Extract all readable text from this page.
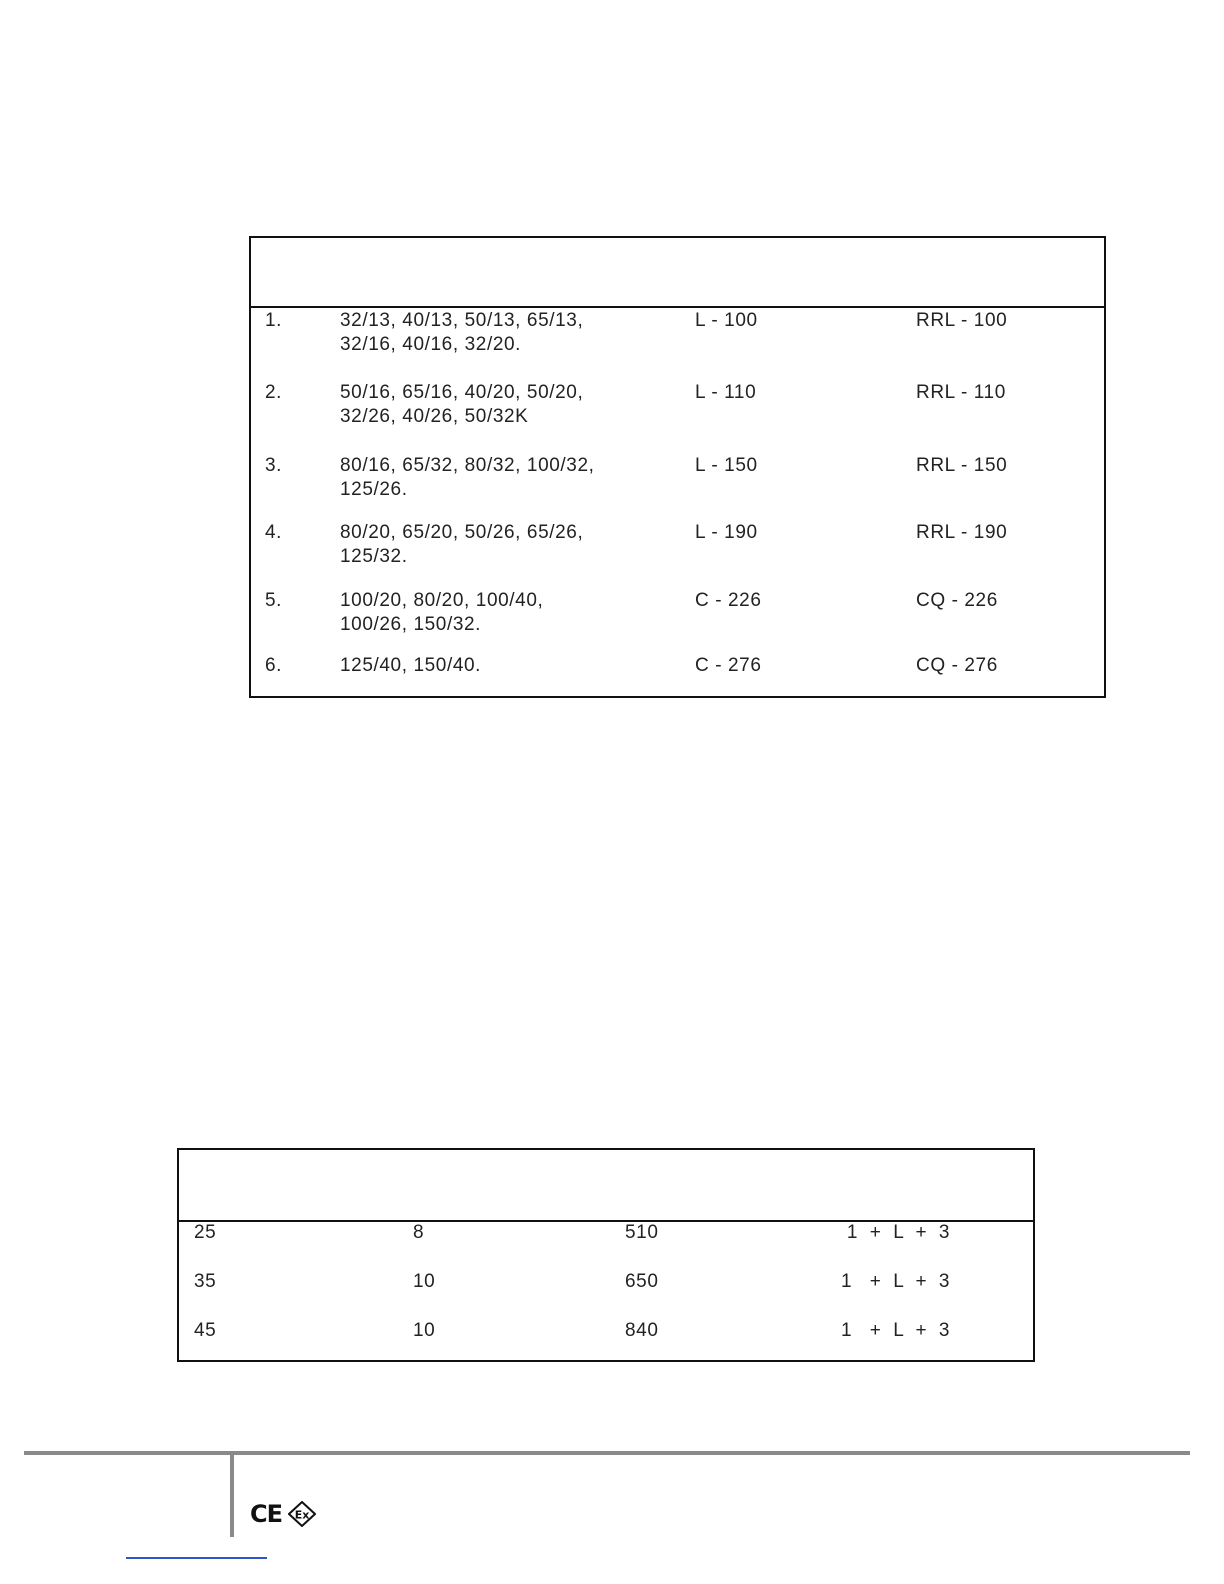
1.	32/13, 40/13, 50/13, 65/13,
32/16, 40/16, 32/20.
L - 100	RRL - 100
2.	50/16, 65/16, 40/20, 50/20,
32/26, 40/26, 50/32K
L - 110	RRL - 110
3.	80/16, 65/32, 80/32, 100/32,
125/26.
L - 150	RRL - 150
4.	80/20, 65/20, 50/26, 65/26,
125/32.
L - 190	RRL - 190
5.	100/20, 80/20, 100/40,
100/26, 150/32.
C - 226	CQ - 226
6.	125/40, 150/40.	C - 276	CQ - 276
25	8	510	1  +  L  +  3
35	10	650	1   +  L  +  3
45	10	840	1   +  L  +  3
CE Ex
